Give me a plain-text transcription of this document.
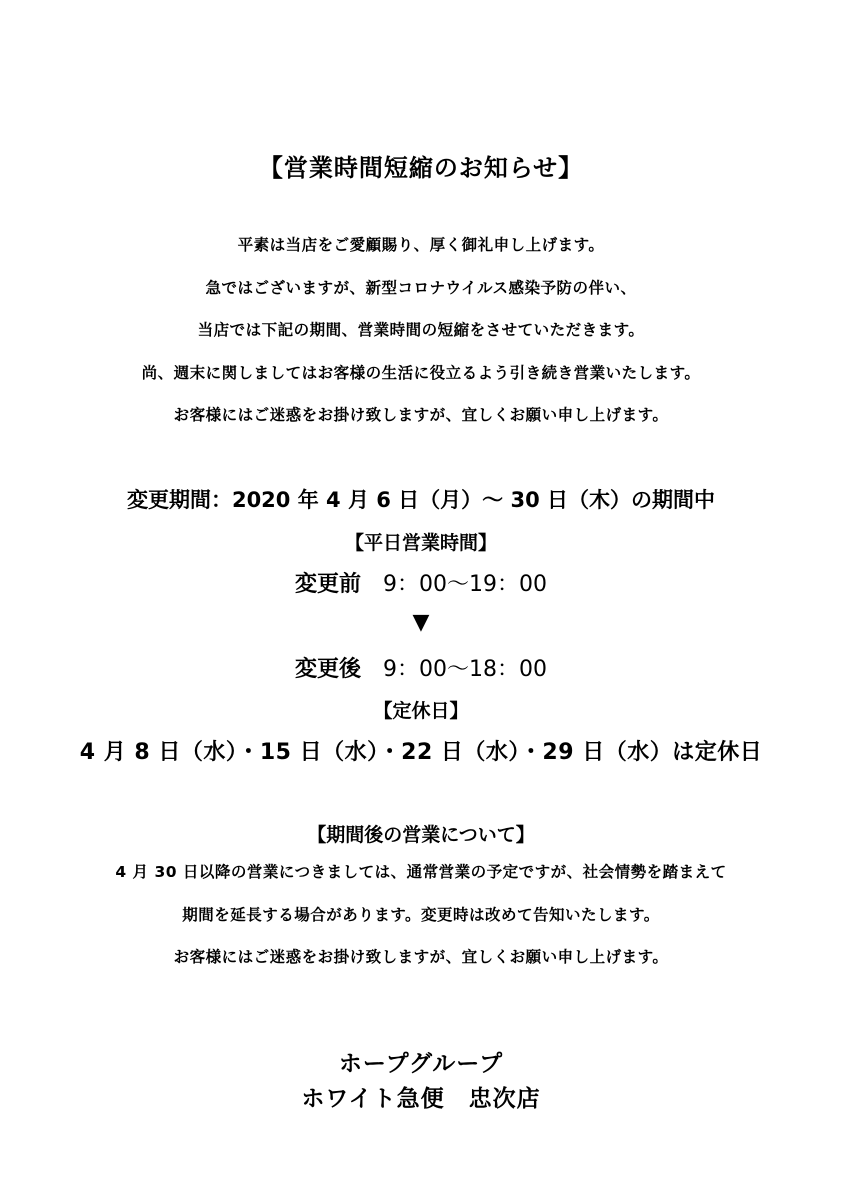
【営業時間短縮のお知らせ】
平素は当店をご愛顧賜り、厚く御礼申し上げます。
急ではございますが、新型コロナウイルス感染予防の伴い、
当店では下記の期間、営業時間の短縮をさせていただきます。
尚、週末に関しましてはお客様の生活に役立るよう引き続き営業いたします。
お客様にはご迷惑をお掛け致しますが、宜しくお願い申し上げます。
変更期間：2020 年 4 月 6 日（月）～ 30 日（木）の期間中
【平日営業時間】
変更前 9：00～19：00
▼
変更後 9：00～18：00
【定休日】
4 月 8 日（水）・15 日（水）・22 日（水）・29 日（水）は定休日
【期間後の営業について】
4 月 30 日以降の営業につきましては、通常営業の予定ですが、社会情勢を踏まえて
期間を延長する場合があります。変更時は改めて告知いたします。
お客様にはご迷惑をお掛け致しますが、宜しくお願い申し上げます。
ホープグループ
ホワイト急便　忠次店
